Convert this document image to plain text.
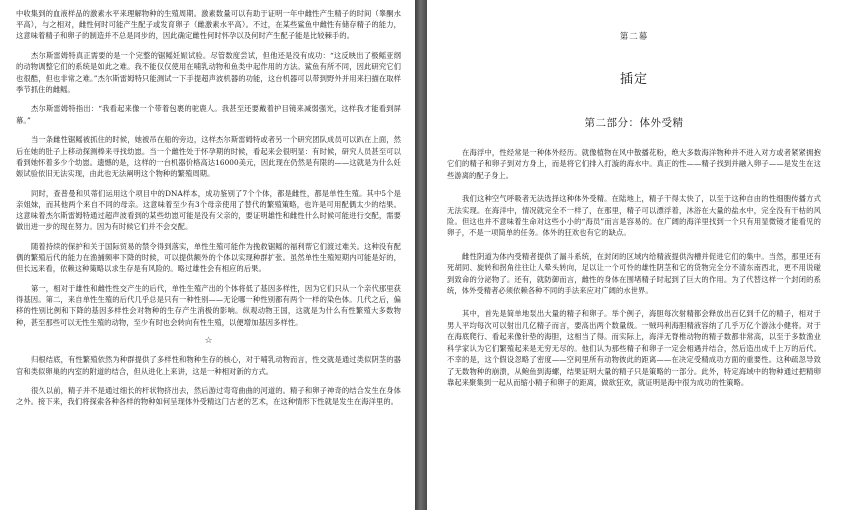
中收集到的血液样品的激素水平来理解物种的生殖周期。激素数量可以有助于证明一年中雌性产生精子的时间（睾酮水平高），与之相对，雌性何时可能产生配子或发育卵子（雌激素水平高）。不过，在某些鲨鱼中雌性有储存精子的能力，这意味着精子和卵子的制造并不总是同步的，因此确定雌性何时怀孕以及何时产生配子能是比较棘手的。

杰尔斯雷姆特真正需要的是一个完整的锯鳐妊娠试验。尽管数度尝试，但他还是没有成功：“这反映出了极鳐亚纲的动物调整它们的系统是如此之难。我不能仅仅使用在哺乳动物和鱼类中起作用的方法。鲨鱼有所不同，因此研究它们也很酷，但也非常之难。”杰尔斯雷姆特只能测试一下手提超声波机器的功能，这台机器可以带到野外并用来扫描在取样季节抓住的雌鳐。

杰尔斯雷姆特指出：“我看起来像一个带着包裹的驼鹿人。我甚至还要戴着护目镜来减弱强光，这样我才能看到屏幕。”

当一条雌性锯鳐被抓住的时候，她被吊在船的旁边，这样杰尔斯雷姆特或者另一个研究团队成员可以趴在上面，然后在她的肚子上移动探测棒来寻找幼崽。当一个雌性处于怀孕期的时候，看起来会很明显：有时候，研究人员甚至可以看到她怀着多少个幼崽。遗憾的是，这样的一台机器价格高达16000美元，因此现在仍然是有限的——这就是为什么妊娠试验依旧无法实现，由此也无法阐明这个物种的繁殖周期。

同时，查普曼和贝蒂们运用这个项目中的DNA样本，成功鉴别了7个个体，都是雌性，都是单性生殖。其中5个是亲姐妹，而其他两个来自不同的母亲。这意味着至少有3个母亲使用了替代的繁殖策略，也许是可用配偶太少的结果。这意味着杰尔斯雷姆特通过超声波看到的某些幼崽可能是没有父亲的，要证明雄性和雌性什么时候可能进行交配，需要做出进一步的现在努力。因为有时候它们并不会交配。

随着持续的保护和关于国际贸易的禁令得到落实，单性生殖可能作为挽救锯鳐的福利帮它们渡过难关。这种没有配偶的繁殖后代的能力在渔捕频率下降的时候，可以提供额外的个体以实现种群扩张。虽然单性生殖短期内可能是好的，但长远来看，依赖这种策略以求生存是有风险的。略过雄性会有相应的后果。

第一，相对于雄性和雌性性交产生的后代，单性生殖产出的个体将低了基因多样性，因为它们只从一个亲代那里获得基因。第二，来自单性生殖的后代几乎总是只有一种性别——无论哪一种性别都有两个一样的染色体。几代之后，偏移的性别比例和下降的基因多样性会对物种的生存产生消极的影响。纵观动物王国，这就是为什么有性繁殖大多数物种，甚至那些可以无性生殖的动物，至少有时也会转向有性生殖，以便增加基因多样性。

☆

归根结底，有性繁殖依然为种群提供了多样性和物种生存的核心，对于哺乳动物而言，性交就是通过类似阴茎的器官和类似卵巢的内室的附道的结合，但从进化上来讲，这是一种相对新的方式。

很久以前，精子并不是通过细长的杆状物挤出去，然后游过弯弯曲曲的河道的。精子和卵子神奇的结合发生在身体之外。接下来，我们将探索各种各样的物种如何呈现体外受精这门古老的艺术，在这种情形下性就是发生在海洋里的。

第二幕
插定
第二部分：体外受精

在海浮中，性经常是一种体外经历。就像植物在风中散播花粉，绝大多数海洋物种并不进入对方或者紧紧拥抱它们的精子和卵子到对方身上，而是将它们排入打漩的海水中。真正的性——精子找到并融入卵子——是发生在这些游离的配子身上。

我们这种空气呼吸者无法选择这种体外受精。在陆地上，精子干得太快了，以至于这种自由的性细胞传播方式无法实现。在海洋中，情况就完全不一样了，在那里，精子可以漂浮着，沐浴在大量的盐水中，完全没有干枯的风险。但这也并不意味着生命对这些小小的“海员”而言是容易的。在广阔的海洋里找到一个只有用显微镜才能看见的卵子，不是一项简单的任务。体外的狂欢也有它的缺点。

雌性阴道为体内受精者提供了漏斗系统，在封闭的区域内给精液提供沟槽并促进它们的集中。当然，那里还有死胡同、旋转和拐角往往让人晕头转向，足以让一个可怜的雄性阴茎和它的货物完全分不清东南西北，更不用说碰到致命的分泌物了。还有，就防御而言，雌性的身体在围堵精子时起到了巨大的作用。为了代替这样一个封闭的系统，体外受精者必须依赖各种不同的手法来应对广阔的水世界。

其中，首先是简单地泵出大量的精子和卵子。举个例子，海胆每次射精都会释放出百亿到千亿的精子，相对于男人平均每次可以射出几亿精子而言，要高出两个数量级。一贼玛利海胆精液容纳了几乎万亿个游泳小健将。对于在海底爬行、看起来像针垫的海胆，这相当了得。而实际上，海洋无脊椎动物的精子数都非常高，以至于多数渔业科学家认为它们繁殖起来是无穷无尽的。他们认为那些精子和卵子一定会相遇并结合，然后造出成千上万的后代。不幸的是，这个假设忽略了密度——空间里所有动物彼此的距离——在决定受精成功方面的重要性。这种疏忽导致了无数物种的崩溃，从鲍鱼到海螺，结果证明大量的精子只是策略的一部分。此外，特定海域中的物种通过把精卵靠起来聚集到一起从而缩小精子和卵子的距离，做欲狂欢，就证明是海中很为成功的性策略。
